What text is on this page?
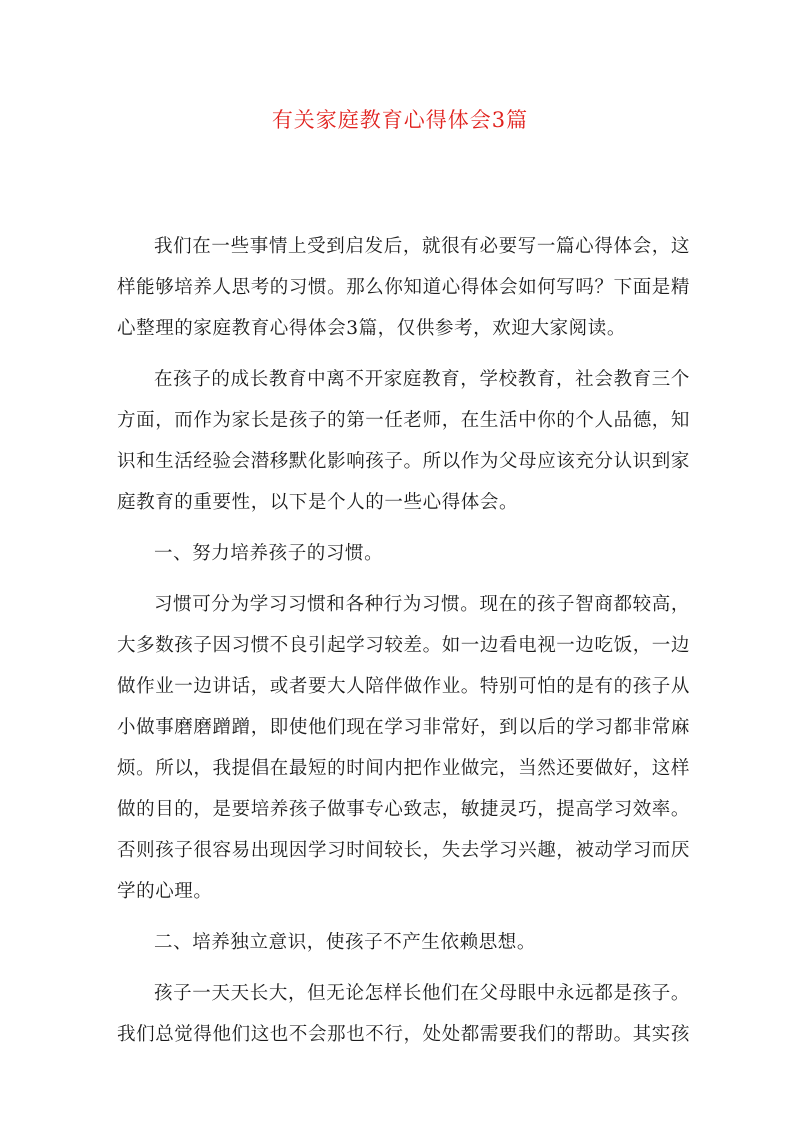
有关家庭教育心得体会3篇

我们在一些事情上受到启发后，就很有必要写一篇心得体会，这样能够培养人思考的习惯。那么你知道心得体会如何写吗？下面是精心整理的家庭教育心得体会3篇，仅供参考，欢迎大家阅读。

在孩子的成长教育中离不开家庭教育，学校教育，社会教育三个方面，而作为家长是孩子的第一任老师，在生活中你的个人品德，知识和生活经验会潜移默化影响孩子。所以作为父母应该充分认识到家庭教育的重要性，以下是个人的一些心得体会。

一、努力培养孩子的习惯。

习惯可分为学习习惯和各种行为习惯。现在的孩子智商都较高，大多数孩子因习惯不良引起学习较差。如一边看电视一边吃饭，一边做作业一边讲话，或者要大人陪伴做作业。特别可怕的是有的孩子从小做事磨磨蹭蹭，即使他们现在学习非常好，到以后的学习都非常麻烦。所以，我提倡在最短的时间内把作业做完，当然还要做好，这样做的目的，是要培养孩子做事专心致志，敏捷灵巧，提高学习效率。否则孩子很容易出现因学习时间较长，失去学习兴趣，被动学习而厌学的心理。

二、培养独立意识，使孩子不产生依赖思想。

孩子一天天长大，但无论怎样长他们在父母眼中永远都是孩子。我们总觉得他们这也不会那也不行，处处都需要我们的帮助。其实孩
